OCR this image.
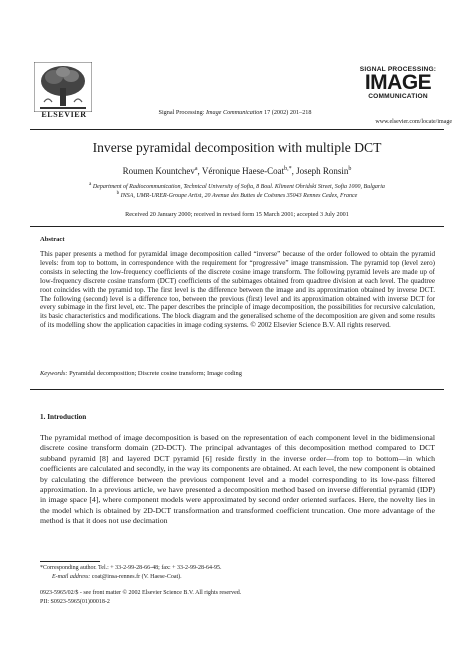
ELSEVIER	Signal Processing: Image Communication 17 (2002) 201–218
SIGNAL PROCESSING:
IMAGE
COMMUNICATION
www.elsevier.com/locate/image
Inverse pyramidal decomposition with multiple DCT
Roumen Kountchev$^a$, Véronique Haese-Coat$^{b,*}$, Joseph Ronsin$^b$
$^a$ Department of Radiocommunication, Technical University of Sofia, 8 Boul. Kliment Ohridski Street, Sofia 1000, Bulgaria
$^b$ INSA, UMR-URER-Groupe Artist, 20 Avenue des Buttes de Coësmes 35043 Rennes Cedex, France
Received 20 January 2000; received in revised form 15 March 2001; accepted 3 July 2001
Abstract
This paper presents a method for pyramidal image decomposition called “inverse” because of the order followed to obtain the pyramid levels: from top to bottom, in correspondence with the requirement for “progressive” image transmission. The pyramid top (level zero) consists in selecting the low-frequency coefficients of the discrete cosine image transform. The following pyramid levels are made up of low-frequency discrete cosine transform (DCT) coefficients of the subimages obtained from quadtree division at each level. The quadtree root coincides with the pyramid top. The first level is the difference between the image and its approximation obtained by inverse DCT. The following (second) level is a difference too, between the previous (first) level and its approximation obtained with inverse DCT for every subimage in the first level, etc. The paper describes the principle of image decomposition, the possibilities for recursive calculation, its basic characteristics and modifications. The block diagram and the generalised scheme of the decomposition are given and some results of its modelling show the application capacities in image coding systems. © 2002 Elsevier Science B.V. All rights reserved.
Keywords: Pyramidal decomposition; Discrete cosine transform; Image coding
1. Introduction
The pyramidal method of image decomposition is based on the representation of each component level in the bidimensional discrete cosine transform domain (2D-DCT). The principal advantages of this decomposition method compared to DCT subband pyramid [8] and layered DCT pyramid [6] reside firstly in the inverse order—from top to bottom—in which coefficients are calculated and secondly, in the way its components are obtained. At each level, the new component is obtained by calculating the difference between the previous component level and a model corresponding to its low-pass filtered approximation. In a previous article, we have presented a decomposition method based on inverse differential pyramid (IDP) in image space [4], where component models were approximated by second order oriented surfaces. Here, the novelty lies in the model which is obtained by 2D-DCT transformation and transformed coefficient truncation. One more advantage of the method is that it does not use decimation
*Corresponding author. Tel.: + 33-2-99-28-66-48; fax: + 33-2-99-28-64-95.
E-mail address: coat@insa-rennes.fr (V. Haese-Coat).
0923-5965/02/$ - see front matter © 2002 Elsevier Science B.V. All rights reserved.
PII: S0923-5965(01)00018-2
